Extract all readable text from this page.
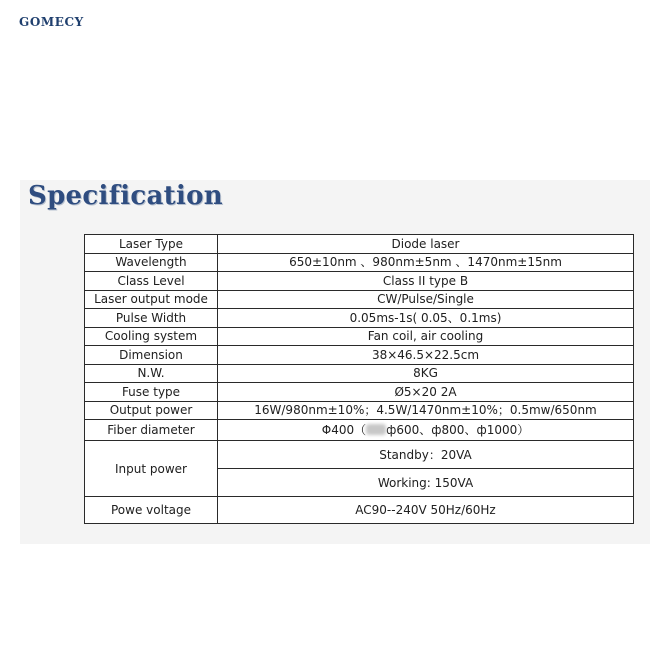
GOMECY
Specification
Laser Type	Diode laser
Wavelength	650±10nm 、980nm±5nm 、1470nm±15nm
Class Level	Class II type B
Laser output mode	CW/Pulse/Single
Pulse Width	0.05ms-1s( 0.05、0.1ms)
Cooling system	Fan coil, air cooling
Dimension	38×46.5×22.5cm
N.W.	8KG
Fuse type	Ø5×20 2A
Output power	16W/980nm±10%；4.5W/1470nm±10%；0.5mw/650nm
Fiber diameter	Φ400（ ф600、ф800、ф1000）
Input power	Standby：20VA
	Working: 150VA
Powe voltage	AC90--240V 50Hz/60Hz
